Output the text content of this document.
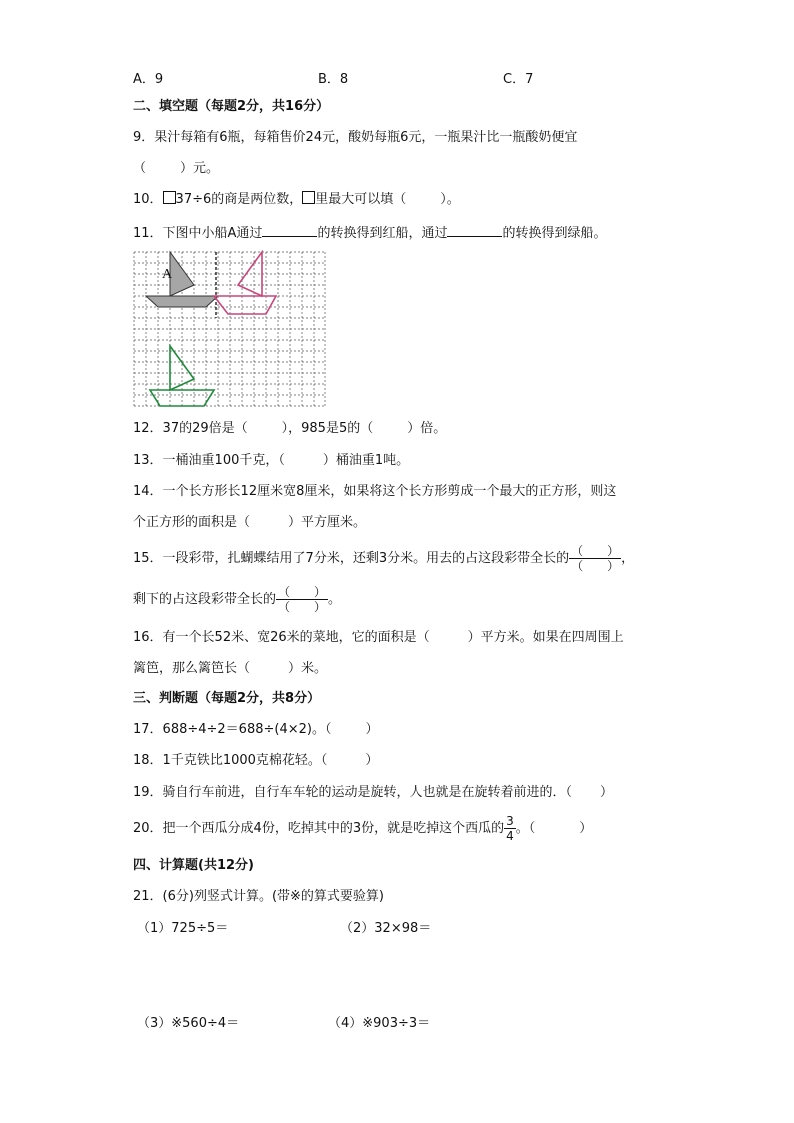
A．9	B．8	C．7
二、填空题（每题2分，共16分）
9．果汁每箱有6瓶，每箱售价24元，酸奶每瓶6元，一瓶果汁比一瓶酸奶便宜
（	）元。
10． 37÷6的商是两位数， 里最大可以填（	）。
11．下图中小船A通过	的转换得到红船，通过	的转换得到绿船。
A
12．37的29倍是（	），985是5的（	）倍。
13．一桶油重100千克，（	）桶油重1吨。
14．一个长方形长12厘米宽8厘米，如果将这个长方形剪成一个最大的正方形，则这
个正方形的面积是（	）平方厘米。
15．一段彩带，扎蝴蝶结用了7分米，还剩3分米。用去的占这段彩带全长的 $\frac{( )}{( )}$ ，
剩下的占这段彩带全长的 $\frac{( )}{( )}$ 。
16．有一个长52米、宽26米的菜地，它的面积是（	）平方米。如果在四周围上
篱笆，那么篱笆长（	）米。
三、判断题（每题2分，共8分）
17．688÷4÷2＝688÷(4×2)。（	）
18．1千克铁比1000克棉花轻。（	）
19．骑自行车前进，自行车车轮的运动是旋转，人也就是在旋转着前进的．（ ）
20．把一个西瓜分成4份，吃掉其中的3份，就是吃掉这个西瓜的 $\frac{3}{4}$ 。（	）
四、计算题(共12分)
21．(6分)列竖式计算。(带※的算式要验算)
（1）725÷5＝	（2）32×98＝
（3）※560÷4＝	（4）※903÷3＝
